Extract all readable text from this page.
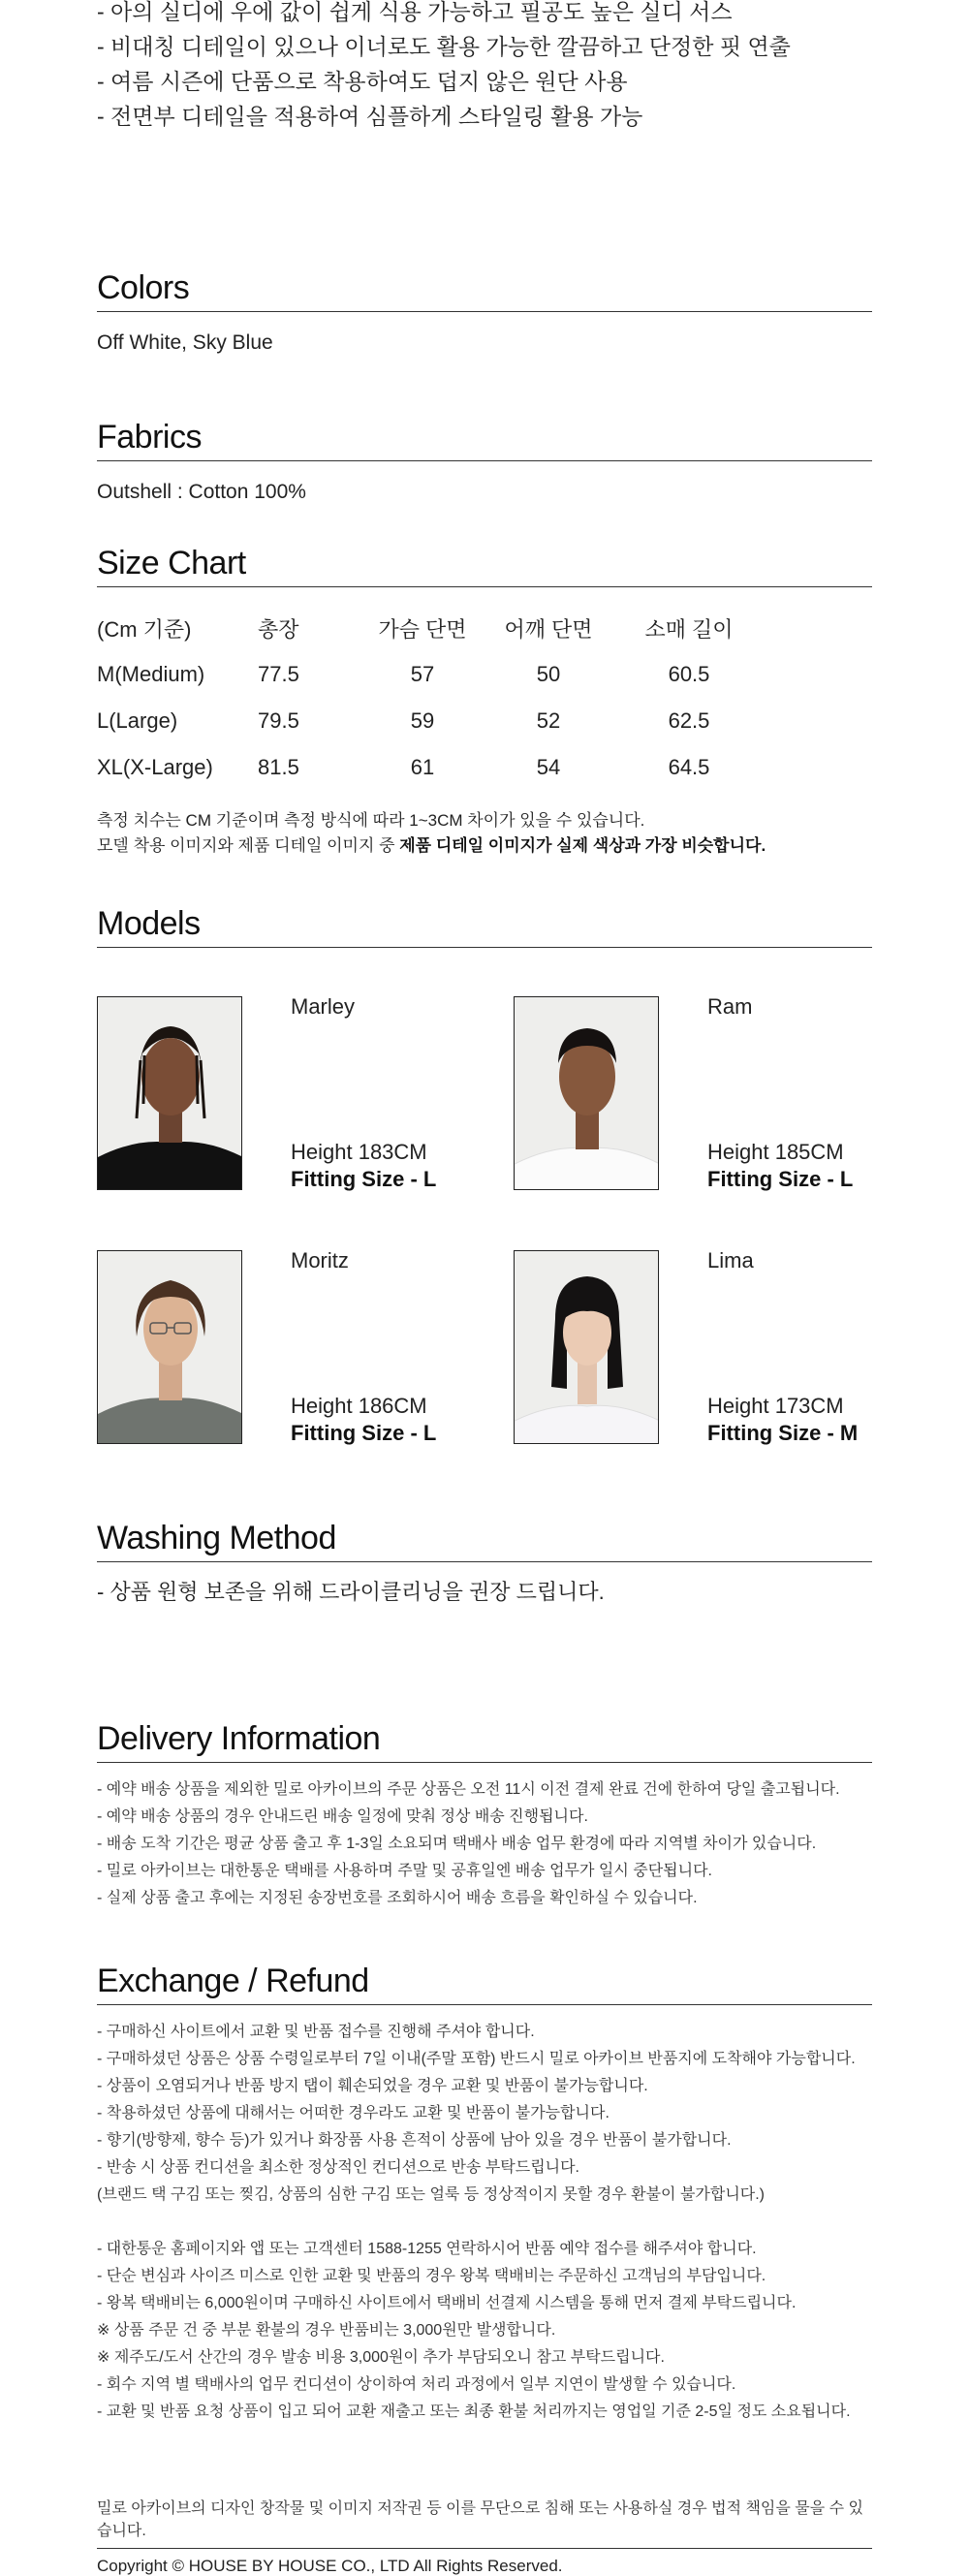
- 아의 실디에 우에 값이 쉽게 식용 가능하고 필공도 높은 실디 서스
- 비대칭 디테일이 있으나 이너로도 활용 가능한 깔끔하고 단정한 핏 연출
- 여름 시즌에 단품으로 착용하여도 덥지 않은 원단 사용
- 전면부 디테일을 적용하여 심플하게 스타일링 활용 가능
Colors
Off White, Sky Blue
Fabrics
Outshell : Cotton 100%
Size Chart
(Cm 기준)	총장	가슴 단면	어깨 단면	소매 길이
M(Medium)	77.5	57	50	60.5
L(Large)	79.5	59	52	62.5
XL(X-Large)	81.5	61	54	64.5
측정 치수는 CM 기준이며 측정 방식에 따라 1~3CM 차이가 있을 수 있습니다.
모델 착용 이미지와 제품 디테일 이미지 중 제품 디테일 이미지가 실제 색상과 가장 비슷합니다.
Models
Marley
Height 183CM
Fitting Size - L
Ram
Height 185CM
Fitting Size - L
Moritz
Height 186CM
Fitting Size - L
Lima
Height 173CM
Fitting Size - M
Washing Method
- 상품 원형 보존을 위해 드라이클리닝을 권장 드립니다.
Delivery Information
- 예약 배송 상품을 제외한 밀로 아카이브의 주문 상품은 오전 11시 이전 결제 완료 건에 한하여 당일 출고됩니다.
- 예약 배송 상품의 경우 안내드린 배송 일정에 맞춰 정상 배송 진행됩니다.
- 배송 도착 기간은 평균 상품 출고 후 1-3일 소요되며 택배사 배송 업무 환경에 따라 지역별 차이가 있습니다.
- 밀로 아카이브는 대한통운 택배를 사용하며 주말 및 공휴일엔 배송 업무가 일시 중단됩니다.
- 실제 상품 출고 후에는 지정된 송장번호를 조회하시어 배송 흐름을 확인하실 수 있습니다.
Exchange / Refund
- 구매하신 사이트에서 교환 및 반품 접수를 진행해 주셔야 합니다.
- 구매하셨던 상품은 상품 수령일로부터 7일 이내(주말 포함) 반드시 밀로 아카이브 반품지에 도착해야 가능합니다.
- 상품이 오염되거나 반품 방지 탭이 훼손되었을 경우 교환 및 반품이 불가능합니다.
- 착용하셨던 상품에 대해서는 어떠한 경우라도 교환 및 반품이 불가능합니다.
- 향기(방향제, 향수 등)가 있거나 화장품 사용 흔적이 상품에 남아 있을 경우 반품이 불가합니다.
- 반송 시 상품 컨디션을 최소한 정상적인 컨디션으로 반송 부탁드립니다.
(브랜드 택 구김 또는 찢김, 상품의 심한 구김 또는 얼룩 등 정상적이지 못할 경우 환불이 불가합니다.)
- 대한통운 홈페이지와 앱 또는 고객센터 1588-1255 연락하시어 반품 예약 접수를 해주셔야 합니다.
- 단순 변심과 사이즈 미스로 인한 교환 및 반품의 경우 왕복 택배비는 주문하신 고객님의 부담입니다.
- 왕복 택배비는 6,000원이며 구매하신 사이트에서 택배비 선결제 시스템을 통해 먼저 결제 부탁드립니다.
※ 상품 주문 건 중 부분 환불의 경우 반품비는 3,000원만 발생합니다.
※ 제주도/도서 산간의 경우 발송 비용 3,000원이 추가 부담되오니 참고 부탁드립니다.
- 회수 지역 별 택배사의 업무 컨디션이 상이하여 처리 과정에서 일부 지연이 발생할 수 있습니다.
- 교환 및 반품 요청 상품이 입고 되어 교환 재출고 또는 최종 환불 처리까지는 영업일 기준 2-5일 정도 소요됩니다.
밀로 아카이브의 디자인 창작물 및 이미지 저작권 등 이를 무단으로 침해 또는 사용하실 경우 법적 책임을 물을 수 있습니다.
Copyright © HOUSE BY HOUSE CO., LTD All Rights Reserved.
